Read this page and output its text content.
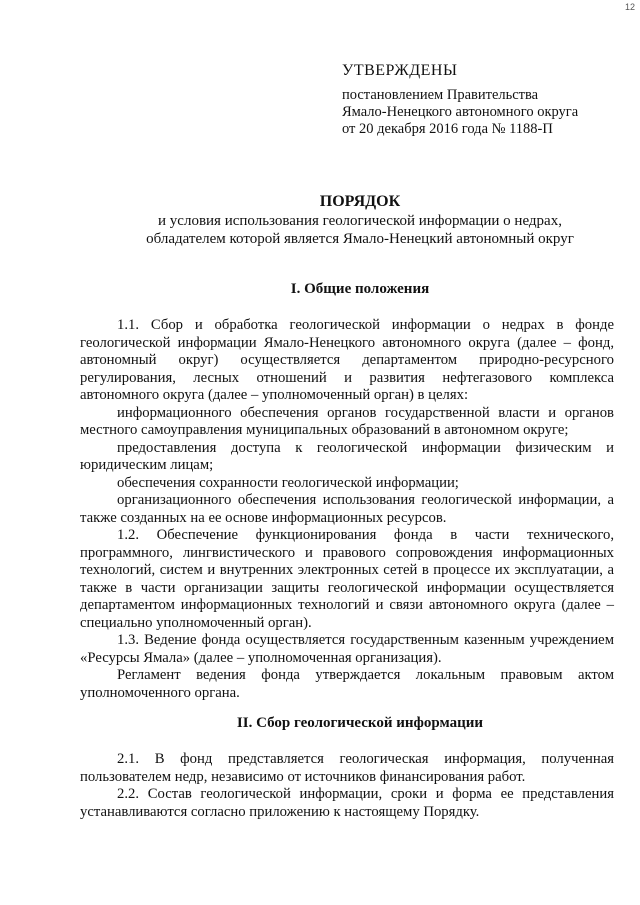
12
УТВЕРЖДЕНЫ
постановлением Правительства
Ямало-Ненецкого автономного округа
от 20 декабря 2016 года № 1188-П
ПОРЯДОК
и условия использования геологической информации о недрах,
обладателем которой является Ямало-Ненецкий автономный округ
I. Общие положения

1.1. Сбор и обработка геологической информации о недрах в фонде геологической информации Ямало-Ненецкого автономного округа (далее – фонд, автономный округ) осуществляется департаментом природно-ресурсного регулирования, лесных отношений и развития нефтегазового комплекса автономного округа (далее – уполномоченный орган) в целях:

информационного обеспечения органов государственной власти и органов местного самоуправления муниципальных образований в автономном округе;

предоставления доступа к геологической информации физическим и юридическим лицам;

обеспечения сохранности геологической информации;

организационного обеспечения использования геологической информации, а также созданных на ее основе информационных ресурсов.

1.2. Обеспечение функционирования фонда в части технического, программного, лингвистического и правового сопровождения информационных технологий, систем и внутренних электронных сетей в процессе их эксплуатации, а также в части организации защиты геологической информации осуществляется департаментом информационных технологий и связи автономного округа (далее – специально уполномоченный орган).

1.3. Ведение фонда осуществляется государственным казенным учреждением «Ресурсы Ямала» (далее – уполномоченная организация).

Регламент ведения фонда утверждается локальным правовым актом уполномоченного органа.

II. Сбор геологической информации

2.1. В фонд представляется геологическая информация, полученная пользователем недр, независимо от источников финансирования работ.

2.2. Состав геологической информации, сроки и форма ее представления устанавливаются согласно приложению к настоящему Порядку.
